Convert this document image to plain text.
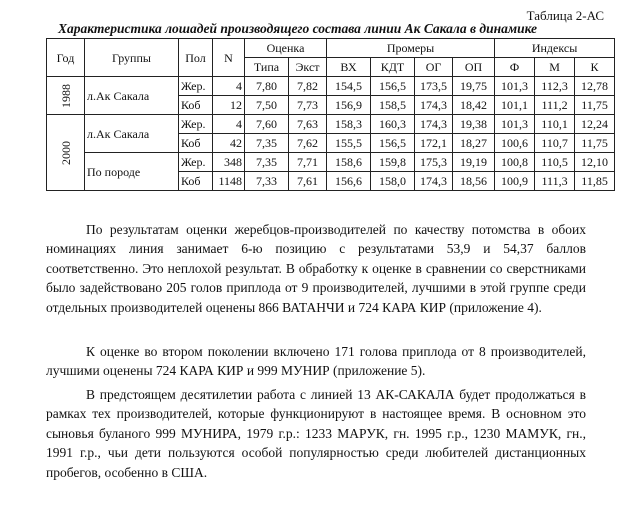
Таблица 2-АС
Характеристика лошадей производящего состава линии Ак Сакала в динамике
Год	Группы	Пол	N	Оценка		Промеры				Индексы		
				Типа	Экст	ВХ	КДТ	ОГ	ОП	Ф	М	К
1988	л.Ак Сакала	Жер.	4	7,80	7,82	154,5	156,5	173,5	19,75	101,3	112,3	12,78
		Коб	12	7,50	7,73	156,9	158,5	174,3	18,42	101,1	111,2	11,75
2000	л.Ак Сакала	Жер.	4	7,60	7,63	158,3	160,3	174,3	19,38	101,3	110,1	12,24
		Коб	42	7,35	7,62	155,5	156,5	172,1	18,27	100,6	110,7	11,75
	По породе	Жер.	348	7,35	7,71	158,6	159,8	175,3	19,19	100,8	110,5	12,10
		Коб	1148	7,33	7,61	156,6	158,0	174,3	18,56	100,9	111,3	11,85
По результатам оценки жеребцов-производителей по качеству потомства в обоих номинациях линия занимает 6-ю позицию с результатами 53,9 и 54,37 баллов соответственно. Это неплохой результат. В обработку к оценке в сравнении со сверстниками было задействовано 205 голов приплода от 9 производителей, лучшими в этой группе среди отдельных производителей оценены 866 ВАТАНЧИ и 724 КАРА КИР (приложение 4).
К оценке во втором поколении включено 171 голова приплода от 8 производителей, лучшими оценены 724 КАРА КИР и 999 МУНИР (приложение 5).
В предстоящем десятилетии работа с линией 13 АК-САКАЛА будет продолжаться в рамках тех производителей, которые функционируют в настоящее время. В основном это сыновья буланого 999 МУНИРА, 1979 г.р.: 1233 МАРУК, гн. 1995 г.р., 1230 МАМУК, гн., 1991 г.р., чьи дети пользуются особой популярностью среди любителей дистанционных пробегов, особенно в США.
